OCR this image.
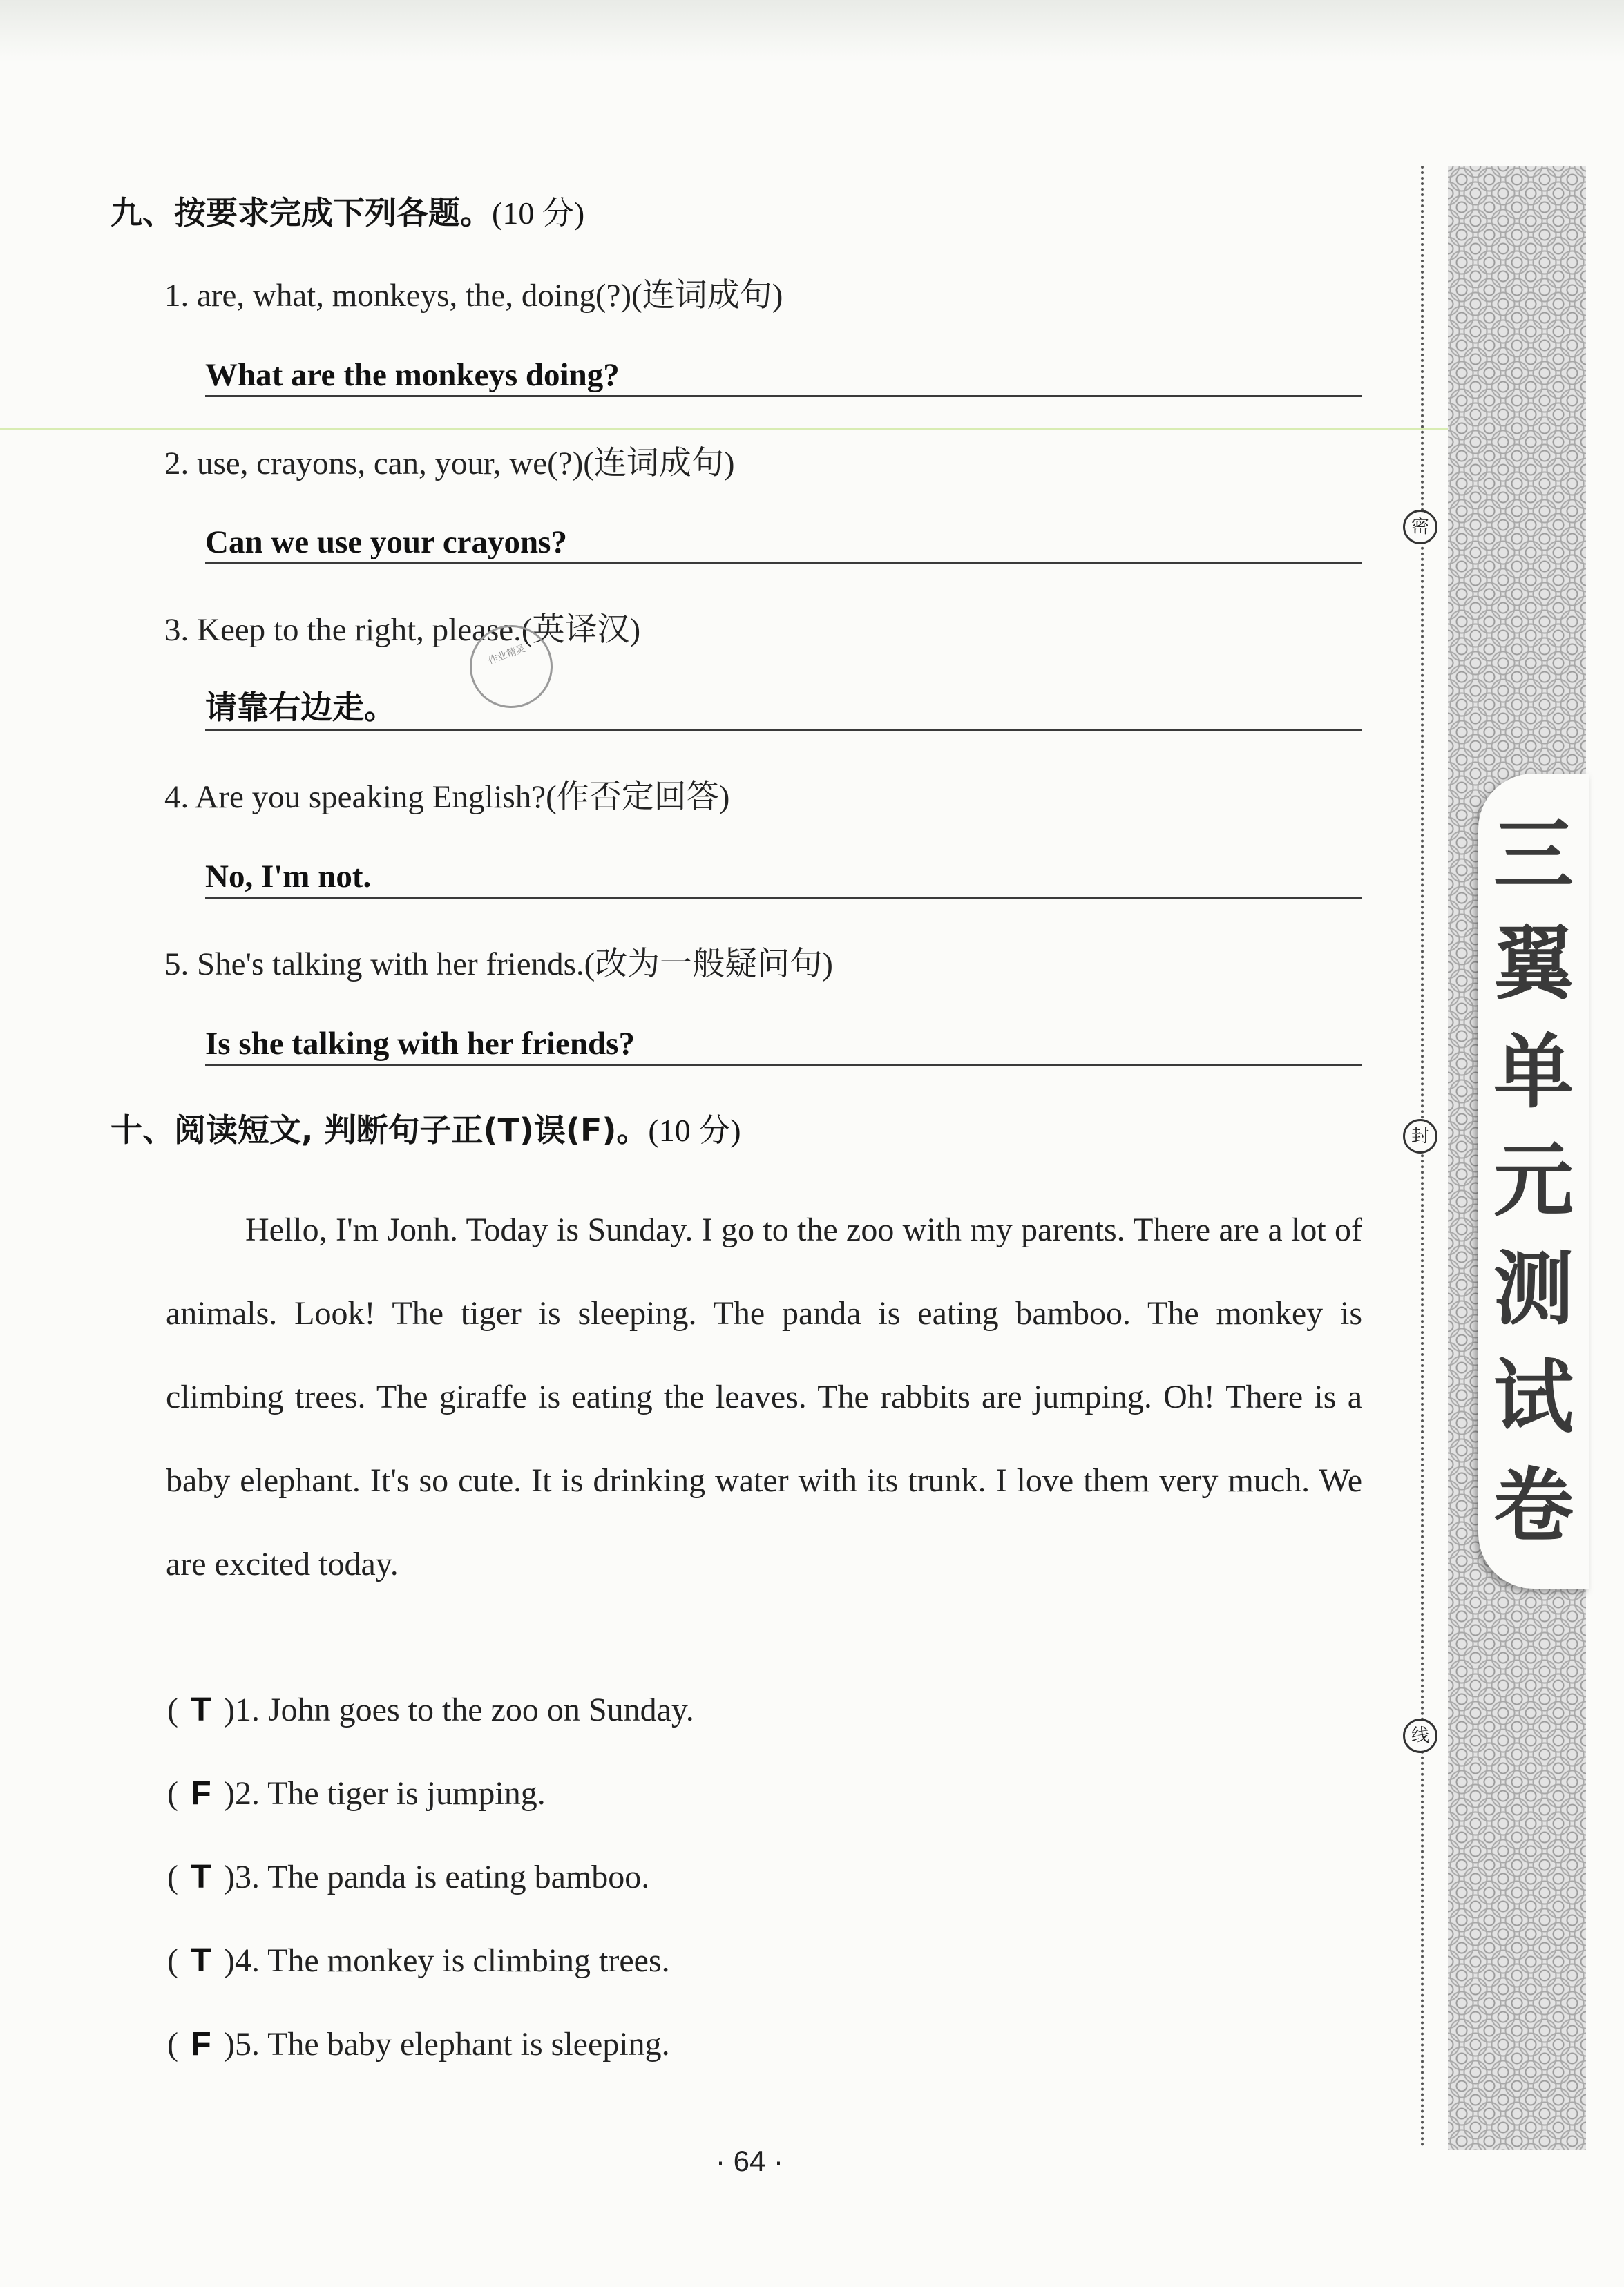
九、按要求完成下列各题。(10 分)
1. are, what, monkeys, the, doing(?)(连词成句)
What are the monkeys doing?
2. use, crayons, can, your, we(?)(连词成句)
Can we use your crayons?
3. Keep to the right, please.(英译汉)
请靠右边走。
作业精灵
4. Are you speaking English?(作否定回答)
No, I'm not.
5. She's talking with her friends.(改为一般疑问句)
Is she talking with her friends?
十、阅读短文, 判断句子正(T)误(F)。(10 分)
Hello, I'm Jonh. Today is Sunday. I go to the zoo with my parents. There are a lot of animals. Look! The tiger is sleeping. The panda is eating bamboo. The monkey is climbing trees. The giraffe is eating the leaves. The rabbits are jumping. Oh! There is a baby elephant. It's so cute. It is drinking water with its trunk. I love them very much. We are excited today.
( T )1. John goes to the zoo on Sunday.
( F )2. The tiger is jumping.
( T )3. The panda is eating bamboo.
( T )4. The monkey is climbing trees.
( F )5. The baby elephant is sleeping.
· 64 ·
密
封
线
三翼单元测试卷
